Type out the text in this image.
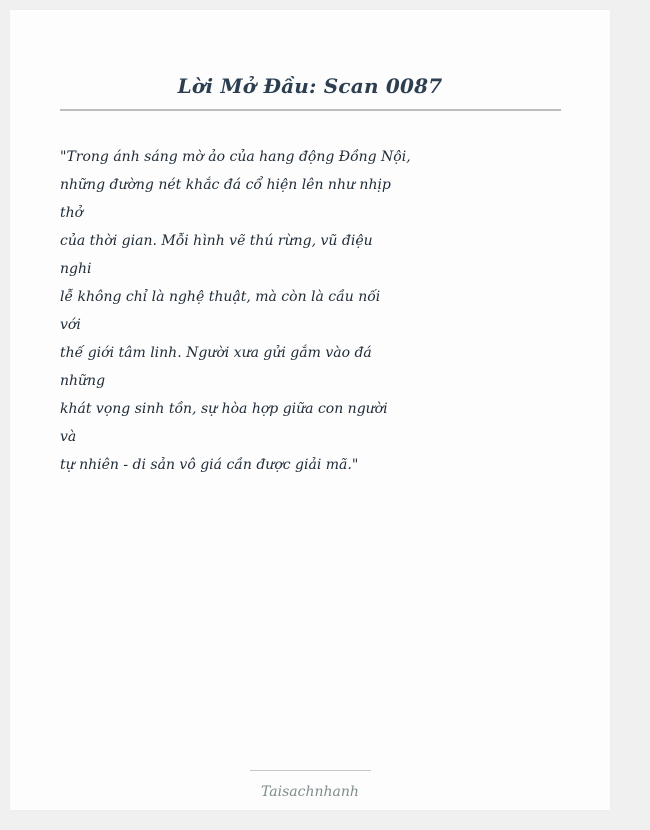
Lời Mở Đầu: Scan 0087
"Trong ánh sáng mờ ảo của hang động Đồng Nội,
những đường nét khắc đá cổ hiện lên như nhịp
thở
của thời gian. Mỗi hình vẽ thú rừng, vũ điệu
nghi
lễ không chỉ là nghệ thuật, mà còn là cầu nối
với
thế giới tâm linh. Người xưa gửi gắm vào đá
những
khát vọng sinh tồn, sự hòa hợp giữa con người
và
tự nhiên - di sản vô giá cần được giải mã."
Taisachnhanh
